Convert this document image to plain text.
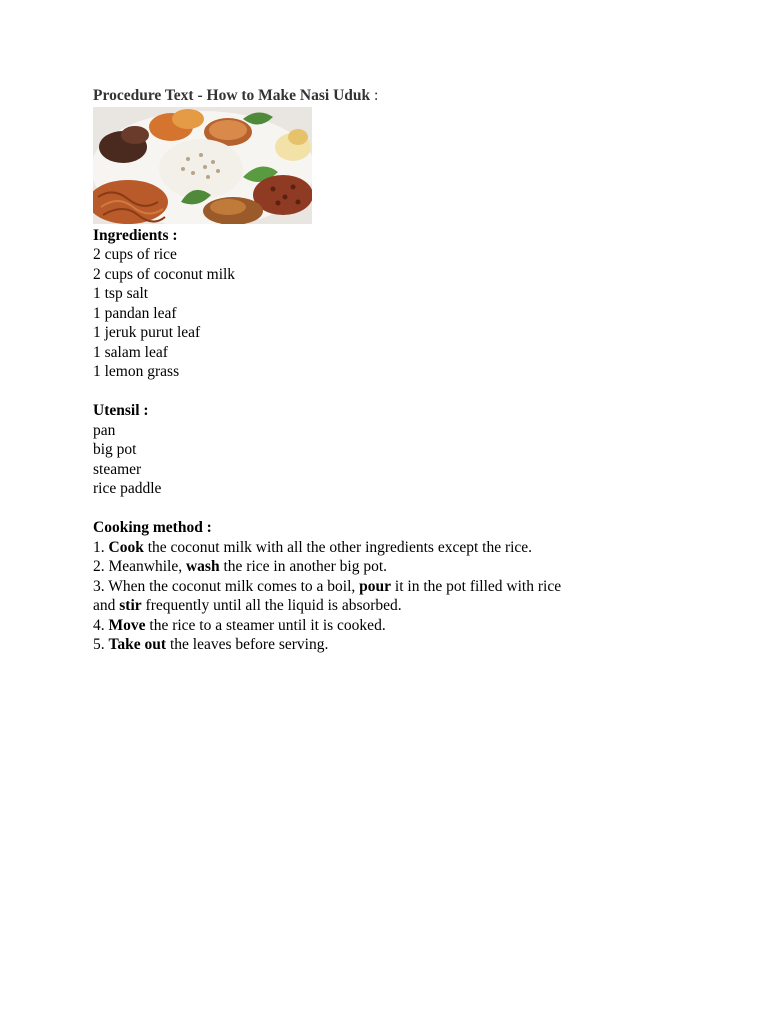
Procedure Text - How to Make Nasi Uduk :
Ingredients :
2 cups of rice
2 cups of coconut milk
1 tsp salt
1 pandan leaf
1 jeruk purut leaf
1 salam leaf
1 lemon grass
Utensil :
pan
big pot
steamer
rice paddle
Cooking method :
1. Cook the coconut milk with all the other ingredients except the rice.
2. Meanwhile, wash the rice in another big pot.
3. When the coconut milk comes to a boil, pour it in the pot filled with rice
and stir frequently until all the liquid is absorbed.
4. Move the rice to a steamer until it is cooked.
5. Take out the leaves before serving.
